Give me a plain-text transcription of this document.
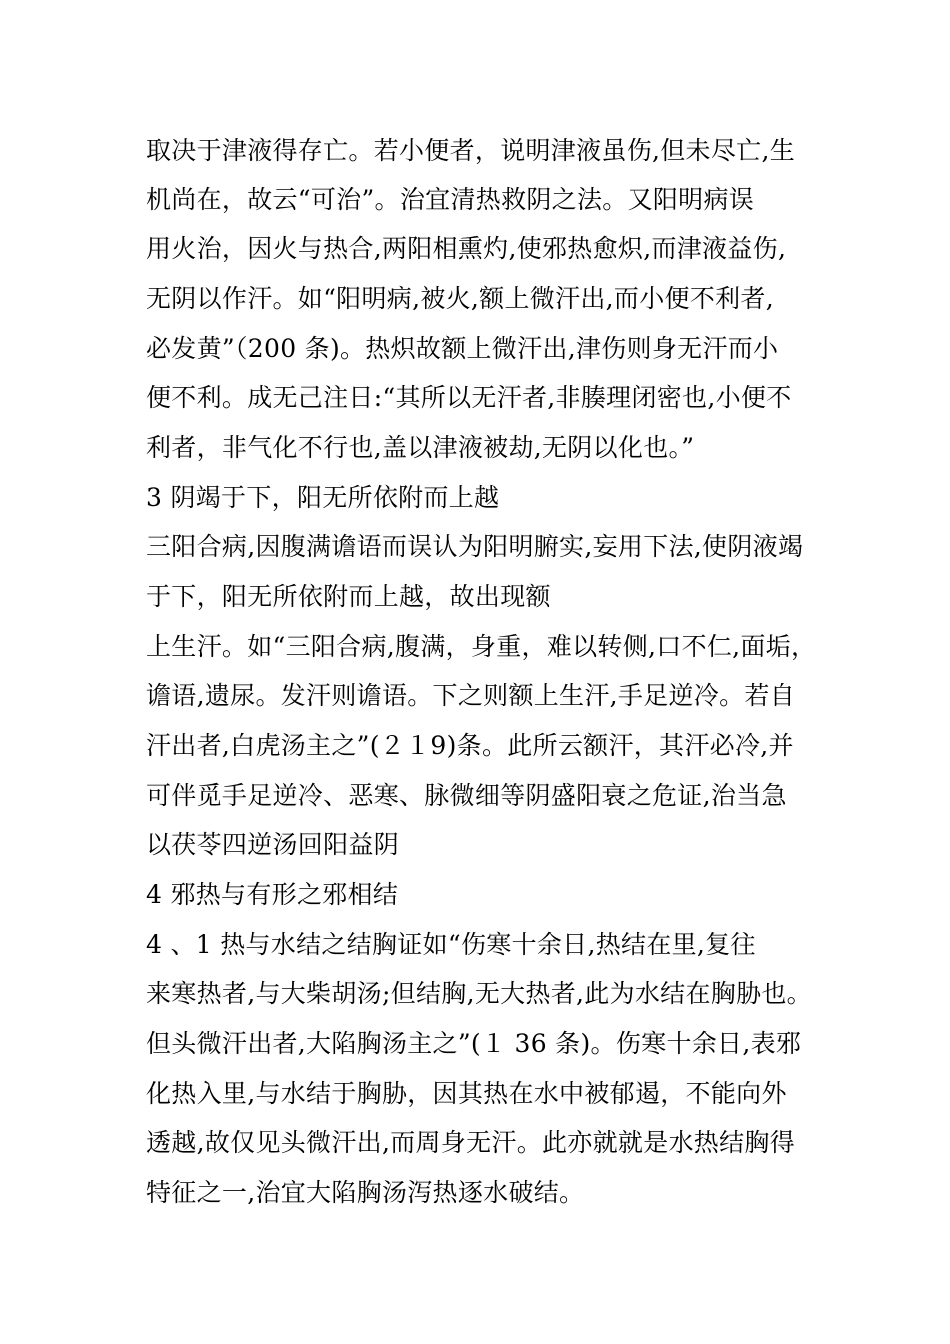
取决于津液得存亡。若小便者，说明津液虽伤,但未尽亡,生
机尚在，故云“可治”。治宜清热救阴之法。又阳明病误
用火治，因火与热合,两阳相熏灼,使邪热愈炽,而津液益伤,
无阴以作汗。如“阳明病,被火,额上微汗出,而小便不利者,
必发黄”（200 条)。热炽故额上微汗出,津伤则身无汗而小
便不利。成无己注日:“其所以无汗者,非腠理闭密也,小便不
利者，非气化不行也,盖以津液被劫,无阴以化也。”
3 阴竭于下，阳无所依附而上越
三阳合病,因腹满谵语而误认为阳明腑实,妄用下法,使阴液竭
于下，阳无所依附而上越，故出现额
上生汗。如“三阳合病,腹满，身重，难以转侧,口不仁,面垢，
谵语,遗尿。发汗则谵语。下之则额上生汗,手足逆冷。若自
汗出者,白虎汤主之”(２１9)条。此所云额汗，其汗必冷,并
可伴觅手足逆冷、恶寒、脉微细等阴盛阳衰之危证,治当急
以茯苓四逆汤回阳益阴
4 邪热与有形之邪相结
4 、1 热与水结之结胸证如“伤寒十余日,热结在里,复往
来寒热者,与大柴胡汤;但结胸,无大热者,此为水结在胸胁也。
但头微汗出者,大陷胸汤主之”(１ 36 条)。伤寒十余日,表邪
化热入里,与水结于胸胁，因其热在水中被郁遏，不能向外
透越,故仅见头微汗出,而周身无汗。此亦就就是水热结胸得
特征之一,治宜大陷胸汤泻热逐水破结。
